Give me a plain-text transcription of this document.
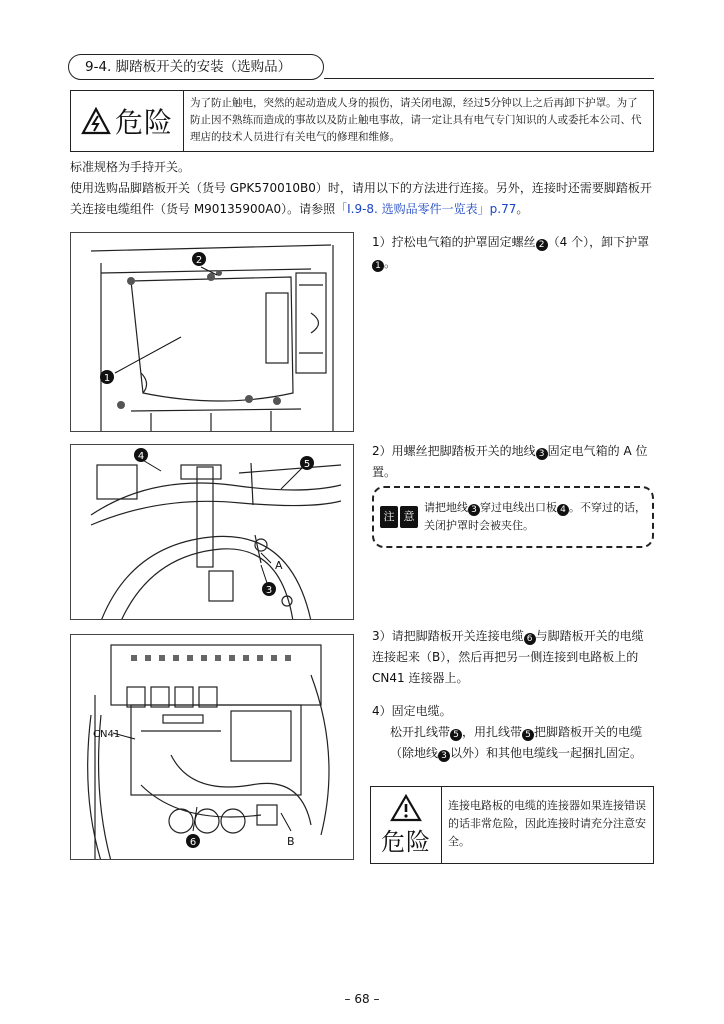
9-4. 脚踏板开关的安装（选购品）
危险
为了防止触电，突然的起动造成人身的损伤，请关闭电源，经过5分钟以上之后再卸下护罩。为了防止因不熟练而造成的事故以及防止触电事故，请一定让具有电气专门知识的人或委托本公司、代理店的技术人员进行有关电气的修理和维修。
标准规格为手持开关。
使用选购品脚踏板开关（货号 GPK570010B0）时，请用以下的方法进行连接。另外，连接时还需要脚踏板开关连接电缆组件（货号 M90135900A0）。请参照「I.9-8. 选购品零件一览表」p.77。
2
1
1）拧松电气箱的护罩固定螺丝 2 （4 个），卸下护罩1 。
4
5
3
A
2）用螺丝把脚踏板开关的地线 3 固定电气箱的 A 位置。
注 意
请把地线 3 穿过电线出口板 4 。不穿过的话，关闭护罩时会被夹住。
CN41
6	B
3）请把脚踏板开关连接电缆 6 与脚踏板开关的电缆连接起来（B），然后再把另一侧连接到电路板上的 CN41 连接器上。
4）固定电缆。
松开扎线带 5 ，用扎线带 5 把脚踏板开关的电缆（除地线 3 以外）和其他电缆线一起捆扎固定。
危险
连接电路板的电缆的连接器如果连接错误的话非常危险，因此连接时请充分注意安全。
– 68 –
